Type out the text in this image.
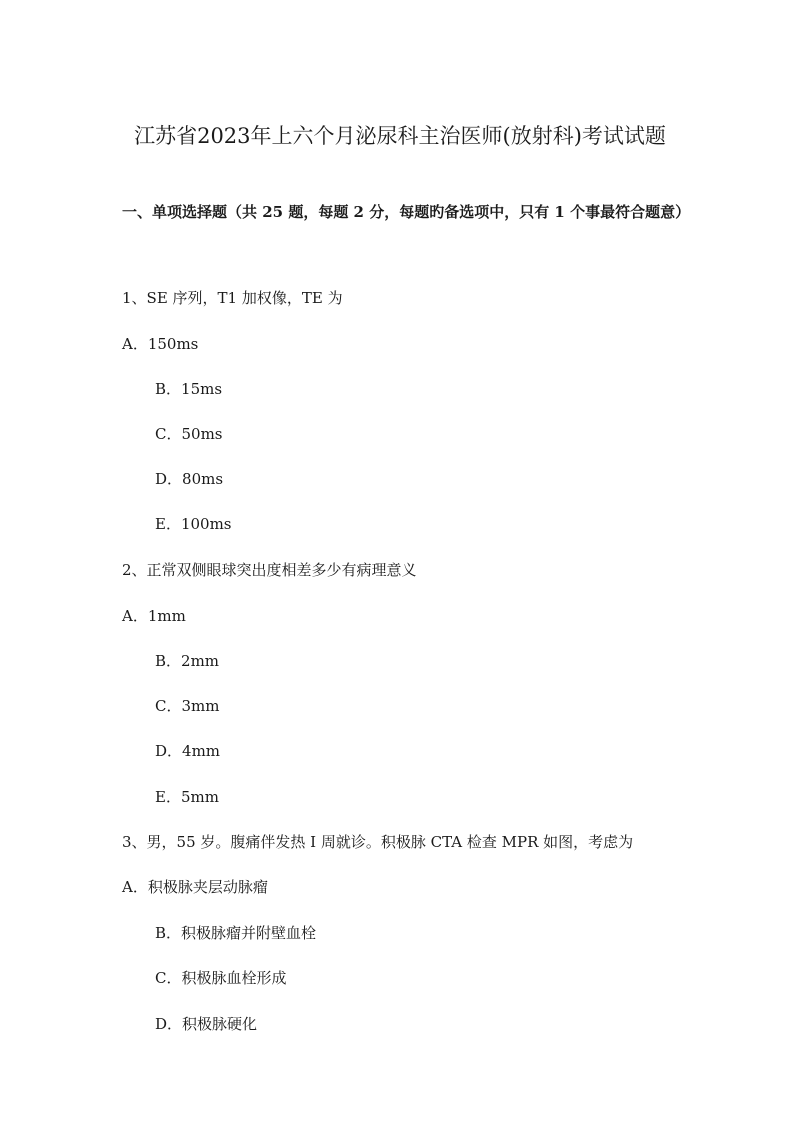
江苏省2023年上六个月泌尿科主治医师(放射科)考试试题
一、单项选择题（共 25 题，每题 2 分，每题旳备选项中，只有 1 个事最符合题意）
1、SE 序列，T1 加权像，TE 为
A．150ms
B．15ms
C．50ms
D．80ms
E．100ms
2、正常双侧眼球突出度相差多少有病理意义
A．1mm
B．2mm
C．3mm
D．4mm
E．5mm
3、男，55 岁。腹痛伴发热 I 周就诊。积极脉 CTA 检查 MPR 如图，考虑为
A．积极脉夹层动脉瘤
B．积极脉瘤并附壁血栓
C．积极脉血栓形成
D．积极脉硬化
